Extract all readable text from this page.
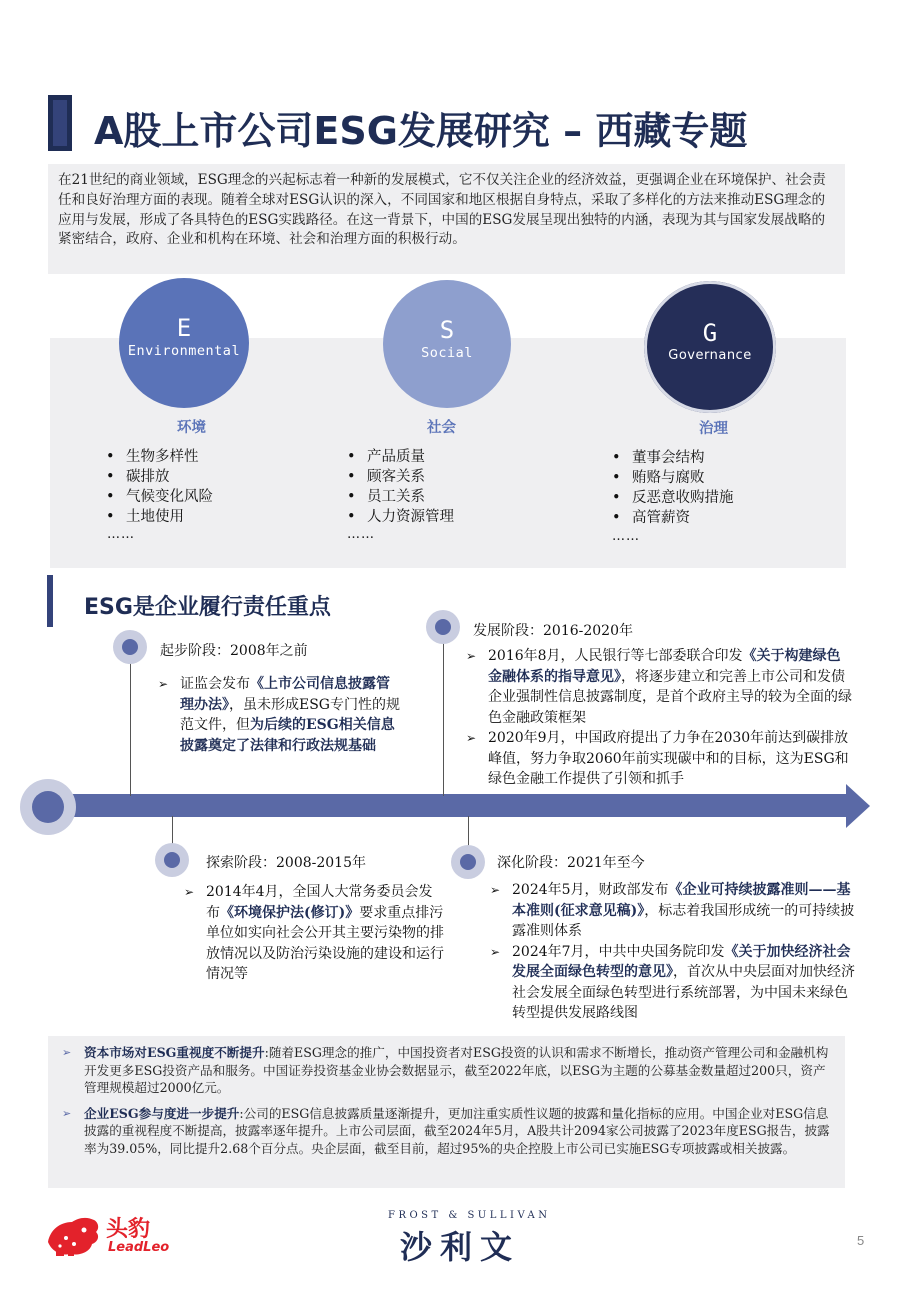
A股上市公司ESG发展研究 – 西藏专题
在21世纪的商业领域，ESG理念的兴起标志着一种新的发展模式，它不仅关注企业的经济效益，更强调企业在环境保护、社会责任和良好治理方面的表现。随着全球对ESG认识的深入，不同国家和地区根据自身特点，采取了多样化的方法来推动ESG理念的应用与发展，形成了各具特色的ESG实践路径。在这一背景下，中国的ESG发展呈现出独特的内涵，表现为其与国家发展战略的紧密结合，政府、企业和机构在环境、社会和治理方面的积极行动。
E
Environmental
S
Social
G
Governance
环境	社会	治理
• 生物多样性
• 碳排放
• 气候变化风险
• 土地使用
……
• 产品质量
• 顾客关系
• 员工关系
• 人力资源管理
……
• 董事会结构
• 贿赂与腐败
• 反恶意收购措施
• 高管薪资
……
ESG是企业履行责任重点
起步阶段：2008年之前
➢ 证监会发布《上市公司信息披露管理办法》，虽未形成ESG专门性的规范文件，但为后续的ESG相关信息披露奠定了法律和行政法规基础
发展阶段：2016-2020年
➢ 2016年8月，人民银行等七部委联合印发《关于构建绿色金融体系的指导意见》，将逐步建立和完善上市公司和发债企业强制性信息披露制度，是首个政府主导的较为全面的绿色金融政策框架
➢ 2020年9月，中国政府提出了力争在2030年前达到碳排放峰值，努力争取2060年前实现碳中和的目标，这为ESG和绿色金融工作提供了引领和抓手
探索阶段：2008-2015年
➢ 2014年4月，全国人大常务委员会发布《环境保护法(修订)》要求重点排污单位如实向社会公开其主要污染物的排放情况以及防治污染设施的建设和运行情况等
深化阶段：2021年至今
➢ 2024年5月，财政部发布《企业可持续披露准则——基本准则(征求意见稿)》，标志着我国形成统一的可持续披露准则体系
➢ 2024年7月，中共中央国务院印发《关于加快经济社会发展全面绿色转型的意见》，首次从中央层面对加快经济社会发展全面绿色转型进行系统部署，为中国未来绿色转型提供发展路线图
➢ 资本市场对ESG重视度不断提升:随着ESG理念的推广，中国投资者对ESG投资的认识和需求不断增长，推动资产管理公司和金融机构开发更多ESG投资产品和服务。中国证券投资基金业协会数据显示，截至2022年底，以ESG为主题的公募基金数量超过200只，资产管理规模超过2000亿元。
➢ 企业ESG参与度进一步提升:公司的ESG信息披露质量逐渐提升，更加注重实质性议题的披露和量化指标的应用。中国企业对ESG信息披露的重视程度不断提高，披露率逐年提升。上市公司层面，截至2024年5月，A股共计2094家公司披露了2023年度ESG报告，披露率为39.05%，同比提升2.68个百分点。央企层面，截至目前，超过95%的央企控股上市公司已实施ESG专项披露或相关披露。
头豹
LeadLeo
FROST & SULLIVAN
沙利文	5
